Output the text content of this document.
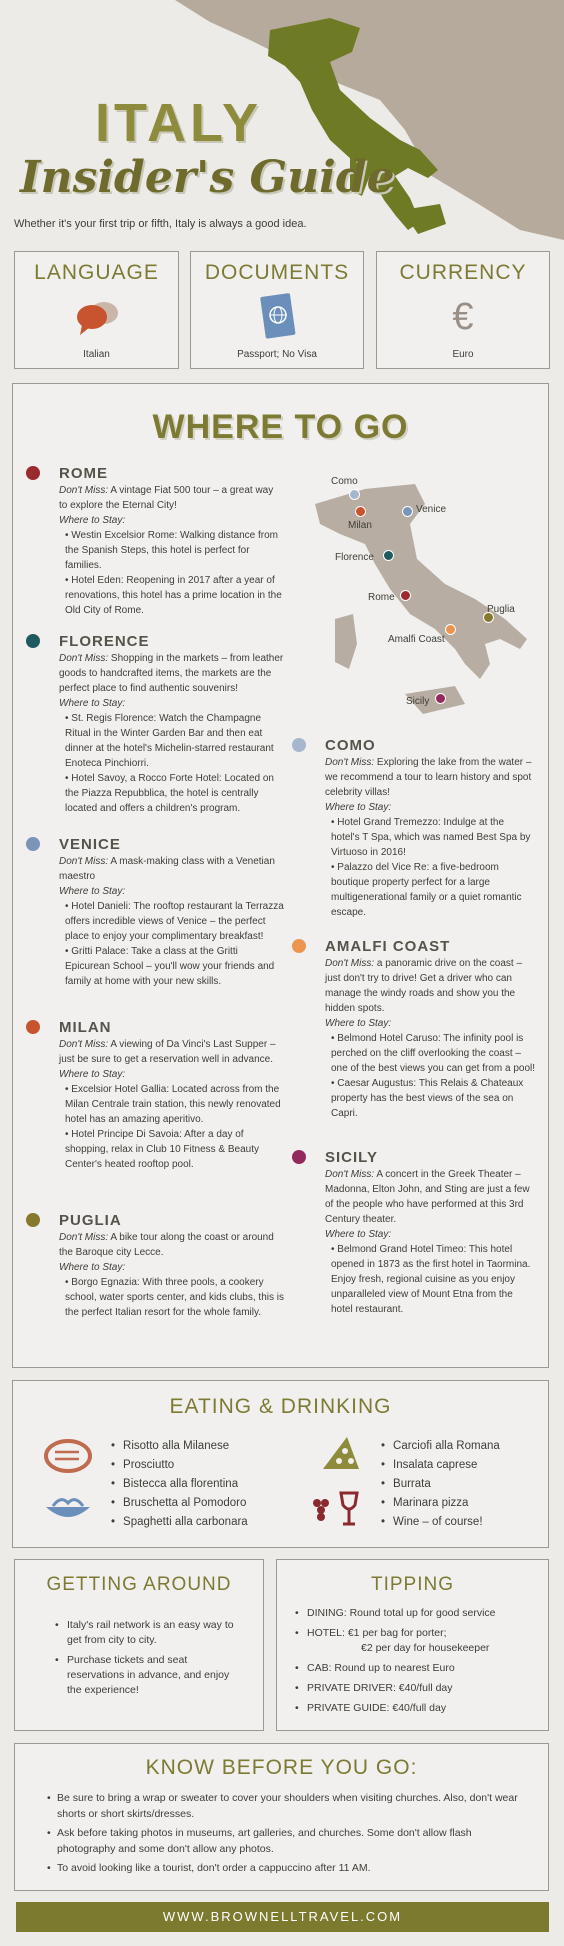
ITALY
Insider's Guide
Whether it's your first trip or fifth, Italy is always a good idea.
LANGUAGE
Italian
DOCUMENTS
Passport; No Visa
CURRENCY
€
Euro
WHERE TO GO
Como
Venice
Milan
Florence
Rome
Puglia
Amalfi Coast
Sicily
ROME
Don't Miss: A vintage Fiat 500 tour – a great way to explore the Eternal City!
Where to Stay:
• Westin Excelsior Rome: Walking distance from the Spanish Steps, this hotel is perfect for families.
• Hotel Eden: Reopening in 2017 after a year of renovations, this hotel has a prime location in the Old City of Rome.
FLORENCE
Don't Miss: Shopping in the markets – from leather goods to handcrafted items, the markets are the perfect place to find authentic souvenirs!
Where to Stay:
• St. Regis Florence: Watch the Champagne Ritual in the Winter Garden Bar and then eat dinner at the hotel's Michelin-starred restaurant Enoteca Pinchiorri.
• Hotel Savoy, a Rocco Forte Hotel: Located on the Piazza Repubblica, the hotel is centrally located and offers a children's program.
VENICE
Don't Miss: A mask-making class with a Venetian maestro
Where to Stay:
• Hotel Danieli: The rooftop restaurant la Terrazza offers incredible views of Venice – the perfect place to enjoy your complimentary breakfast!
• Gritti Palace: Take a class at the Gritti Epicurean School – you'll wow your friends and family at home with your new skills.
MILAN
Don't Miss: A viewing of Da Vinci's Last Supper – just be sure to get a reservation well in advance.
Where to Stay:
• Excelsior Hotel Gallia: Located across from the Milan Centrale train station, this newly renovated hotel has an amazing aperitivo.
• Hotel Principe Di Savoia: After a day of shopping, relax in Club 10 Fitness & Beauty Center's heated rooftop pool.
PUGLIA
Don't Miss: A bike tour along the coast or around the Baroque city Lecce.
Where to Stay:
• Borgo Egnazia: With three pools, a cookery school, water sports center, and kids clubs, this is the perfect Italian resort for the whole family.
COMO
Don't Miss: Exploring the lake from the water – we recommend a tour to learn history and spot celebrity villas!
Where to Stay:
• Hotel Grand Tremezzo: Indulge at the hotel's T Spa, which was named Best Spa by Virtuoso in 2016!
• Palazzo del Vice Re: a five-bedroom boutique property perfect for a large multigenerational family or a quiet romantic escape.
AMALFI COAST
Don't Miss: a panoramic drive on the coast – just don't try to drive! Get a driver who can manage the windy roads and show you the hidden spots.
Where to Stay:
• Belmond Hotel Caruso: The infinity pool is perched on the cliff overlooking the coast – one of the best views you can get from a pool!
• Caesar Augustus: This Relais & Chateaux property has the best views of the sea on Capri.
SICILY
Don't Miss: A concert in the Greek Theater – Madonna, Elton John, and Sting are just a few of the people who have performed at this 3rd Century theater.
Where to Stay:
• Belmond Grand Hotel Timeo: This hotel opened in 1873 as the first hotel in Taormina. Enjoy fresh, regional cuisine as you enjoy unparalleled view of Mount Etna from the hotel restaurant.
EATING & DRINKING
• Risotto alla Milanese
• Prosciutto
• Bistecca alla florentina
• Bruschetta al Pomodoro
• Spaghetti alla carbonara
• Carciofi alla Romana
• Insalata caprese
• Burrata
• Marinara pizza
• Wine – of course!
GETTING AROUND
• Italy's rail network is an easy way to get from city to city.
• Purchase tickets and seat reservations in advance, and enjoy the experience!
TIPPING
• DINING: Round total up for good service
• HOTEL: €1 per bag for porter;
€2 per day for housekeeper
• CAB: Round up to nearest Euro
• PRIVATE DRIVER: €40/full day
• PRIVATE GUIDE: €40/full day
KNOW BEFORE YOU GO:
• Be sure to bring a wrap or sweater to cover your shoulders when visiting churches. Also, don't wear shorts or short skirts/dresses.
• Ask before taking photos in museums, art galleries, and churches. Some don't allow flash photography and some don't allow any photos.
• To avoid looking like a tourist, don't order a cappuccino after 11 AM.
WWW.BROWNELLTRAVEL.COM
